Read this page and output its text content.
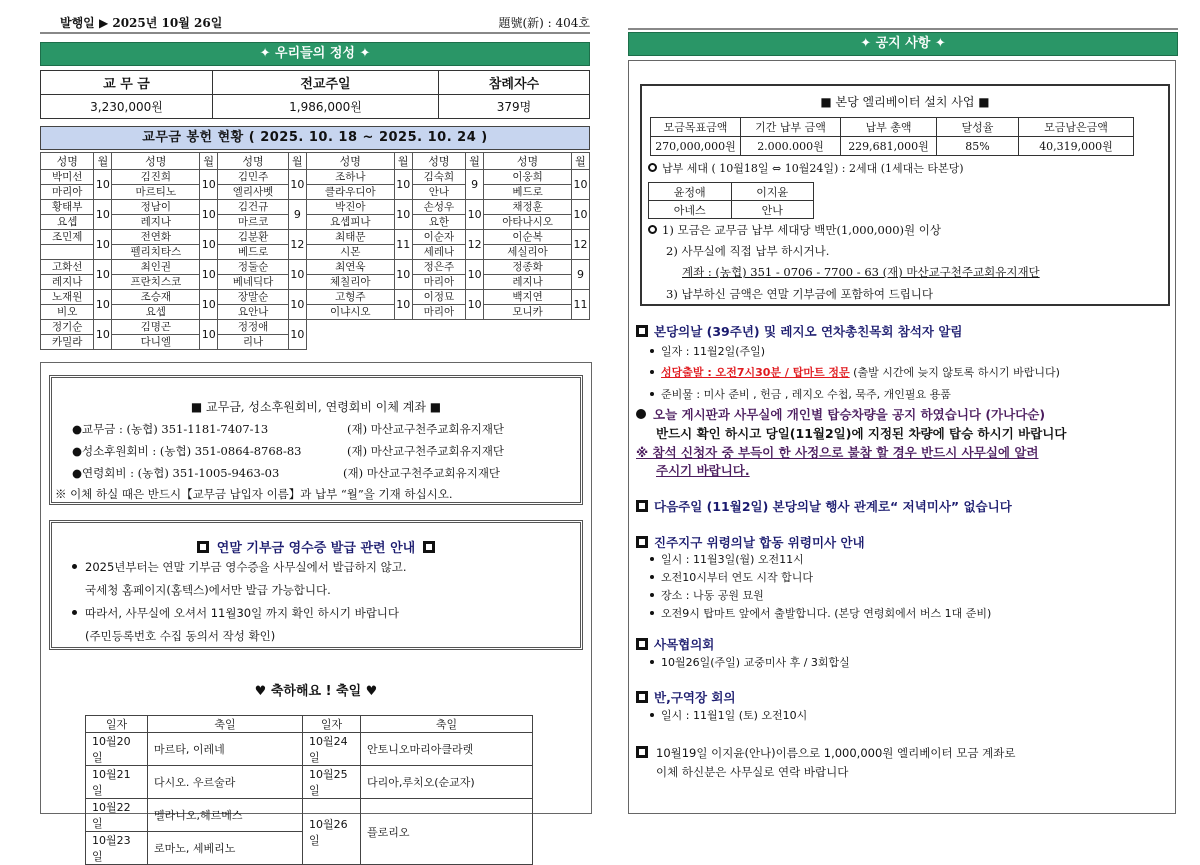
발행일 ▶ 2025년 10월 26일	題號(新) : 404호
✦ 우리들의 정성 ✦
교 무 금	전교주일	참례자수
3,230,000원	1,986,000원	379명
교무금 봉헌 현황 ( 2025. 10. 18 ~ 2025. 10. 24 )
성명	월	성명	월	성명	월	성명	월	성명	월	성명	월
박미선	10	김진희	10	김민주	10	조하나	10	김숙희	9	이웅희	10
마리아		마르티노		엘리사벳		클라우디아		안나		베드로	
황태부	10	정남이	10	김건규	9	박진아	10	손성우	10	채정훈	10
요셉		레지나		마르코		요셉피나		요한		아타나시오	
조민제	10	전연화	10	김분환	12	최태문	11	이순자	12	이순복	12
		펠리치타스		베드로		시몬		세레나		세실리아	
고화선	10	최인권	10	정둘순	10	최연욱	10	정은주	10	정종화	9
레지나		프란치스코		베네딕다		체칠리아		마리아		레지나	
노재원	10	조승재	10	장말순	10	고형주	10	이정묘	10	백지연	11
비오		요셉		요안나		이냐시오		마리아		모니카	
정기순	10	김명곤	10	정정애	10						
카밀라		다니엘		리나							
■ 교무금, 성소후원회비, 연령회비 이체 계좌 ■
●교무금 : (농협) 351-1181-7407-13	(재) 마산교구천주교회유지재단
●성소후원회비 : (농협) 351-0864-8768-83	(재) 마산교구천주교회유지재단
●연령회비 : (농협) 351-1005-9463-03	(재) 마산교구천주교회유지재단
※ 이체 하실 때은 반드시【교무금 납입자 이름】과 납부 “월”을 기재 하십시오.
연말 기부금 영수증 발급 관련 안내
2025년부터는 연말 기부금 영수증을 사무실에서 발급하지 않고.
국세청 홈페이지(홈텍스)에서만 발급 가능합니다.
따라서, 사무실에 오셔서 11월30일 까지 확인 하시기 바랍니다
(주민등록번호 수집 동의서 작성 확인)
♥ 축하해요 ! 축일 ♥
일자	축일	일자	축일
10월20일	마르타, 이레네	10월24일	안토니오마리아클라렛
10월21일	다시오. 우르술라	10월25일	다리아,루치오(순교자)
10월22일	멜라니오,헤르메스	10월26일	플로리오
10월23일	로마노, 세베리노		
✦ 공지 사항 ✦
■ 본당 엘리베이터 설치 사업 ■
모금목표금액	기간 납부 금액	납부 총액	달성율	모금남은금액
270,000,000원	2.000.000원	229,681,000원	85%	40,319,000원
납부 세대 ( 10월18일 ⇔ 10월24일) : 2세대 (1세대는 타본당)
윤정애	이지윤
아네스	안나
1) 모금은 교무금 납부 세대당 백만(1,000,000)원 이상
2) 사무실에 직접 납부 하시거나.
계좌 : (농협) 351 - 0706 - 7700 - 63 (재) 마산교구천주교회유지재단
3) 납부하신 금액은 연말 기부금에 포함하여 드립니다
본당의날 (39주년) 및 레지오 연차총친목회 참석자 알림
일자 : 11월2일(주일)
성당출발 : 오전7시30분 / 탑마트 정문 (출발 시간에 늦지 않토록 하시기 바랍니다)
준비물 : 미사 준비 , 헌금 , 레지오 수첩, 묵주, 개인필요 용품
오늘 게시판과 사무실에 개인별 탑승차량을 공지 하였습니다 (가나다순)
반드시 확인 하시고 당일(11월2일)에 지정된 차량에 탑승 하시기 바랍니다
※ 참석 신청자 중 부득이 한 사정으로 불참 할 경우 반드시 사무실에 알려
주시기 바랍니다.
다음주일 (11월2일) 본당의날 행사 관계로“ 저녁미사” 없습니다
진주지구 위령의날 합동 위령미사 안내
일시 : 11월3일(월) 오전11시
오전10시부터 연도 시작 합니다
장소 : 나동 공원 묘원
오전9시 탑마트 앞에서 출발합니다. (본당 연령회에서 버스 1대 준비)
사목협의회
10월26일(주일) 교중미사 후 / 3회합실
반,구역장 회의
일시 : 11월1일 (토) 오전10시
10월19일 이지윤(안나)이름으로 1,000,000원 엘리베이터 모금 계좌로
이체 하신분은 사무실로 연락 바랍니다
